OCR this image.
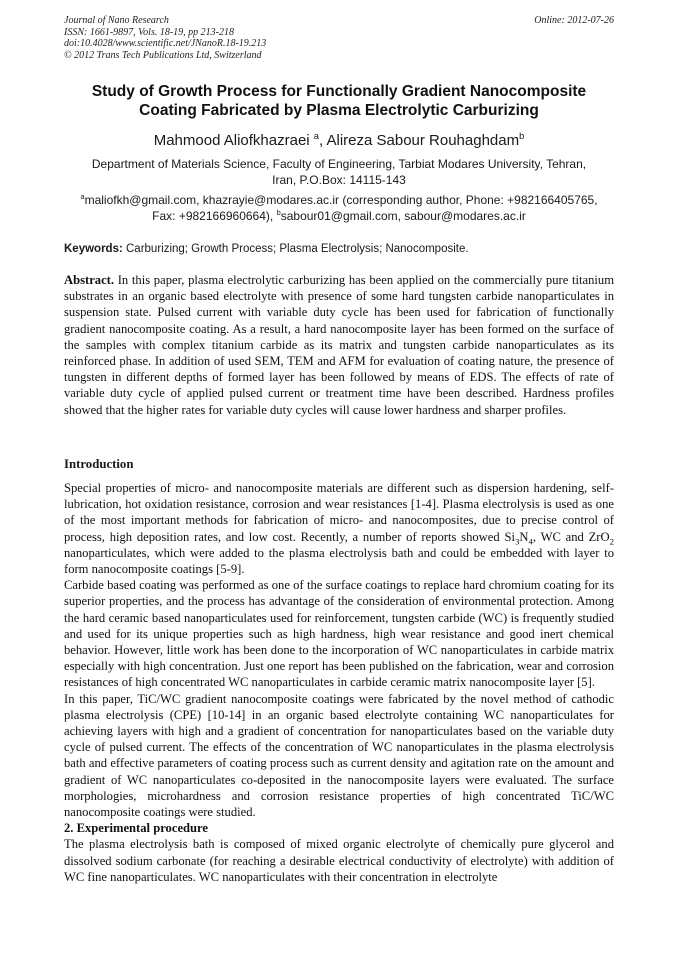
Journal of Nano Research
ISSN: 1661-9897, Vols. 18-19, pp 213-218
doi:10.4028/www.scientific.net/JNanoR.18-19.213
© 2012 Trans Tech Publications Ltd, Switzerland
Online: 2012-07-26
Study of Growth Process for Functionally Gradient Nanocomposite
Coating Fabricated by Plasma Electrolytic Carburizing
Mahmood Aliofkhazraei $^a$, Alireza Sabour Rouhaghdam$^b$
Department of Materials Science, Faculty of Engineering, Tarbiat Modares University, Tehran,
Iran, P.O.Box: 14115-143
$^a$maliofkh@gmail.com, khazrayie@modares.ac.ir (corresponding author, Phone: +982166405765,
Fax: +982166960664), $^b$sabour01@gmail.com, sabour@modares.ac.ir
Keywords: Carburizing; Growth Process; Plasma Electrolysis; Nanocomposite.
Abstract. In this paper, plasma electrolytic carburizing has been applied on the commercially pure titanium substrates in an organic based electrolyte with presence of some hard tungsten carbide nanoparticulates in suspension state. Pulsed current with variable duty cycle has been used for fabrication of functionally gradient nanocomposite coating. As a result, a hard nanocomposite layer has been formed on the surface of the samples with complex titanium carbide as its matrix and tungsten carbide nanoparticulates as its reinforced phase. In addition of used SEM, TEM and AFM for evaluation of coating nature, the presence of tungsten in different depths of formed layer has been followed by means of EDS. The effects of rate of variable duty cycle of applied pulsed current or treatment time have been described. Hardness profiles showed that the higher rates for variable duty cycles will cause lower hardness and sharper profiles.
Introduction

Special properties of micro- and nanocomposite materials are different such as dispersion hardening, self-lubrication, hot oxidation resistance, corrosion and wear resistances [1-4]. Plasma electrolysis is used as one of the most important methods for fabrication of micro- and nanocomposites, due to precise control of process, high deposition rates, and low cost. Recently, a number of reports showed $Si_3N_4$, WC and ZrO$_2$ nanoparticulates, which were added to the plasma electrolysis bath and could be embedded with layer to form nanocomposite coatings [5-9].

Carbide based coating was performed as one of the surface coatings to replace hard chromium coating for its superior properties, and the process has advantage of the consideration of environmental protection. Among the hard ceramic based nanoparticulates used for reinforcement, tungsten carbide (WC) is frequently studied and used for its unique properties such as high hardness, high wear resistance and good inert chemical behavior. However, little work has been done to the incorporation of WC nanoparticulates in carbide matrix especially with high concentration. Just one report has been published on the fabrication, wear and corrosion resistances of high concentrated WC nanoparticulates in carbide ceramic matrix nanocomposite layer [5].

In this paper, TiC/WC gradient nanocomposite coatings were fabricated by the novel method of cathodic plasma electrolysis (CPE) [10-14] in an organic based electrolyte containing WC nanoparticulates for achieving layers with high and a gradient of concentration for nanoparticulates based on the variable duty cycle of pulsed current. The effects of the concentration of WC nanoparticulates in the plasma electrolysis bath and effective parameters of coating process such as current density and agitation rate on the amount and gradient of WC nanoparticulates co-deposited in the nanocomposite layers were evaluated. The surface morphologies, microhardness and corrosion resistance properties of high concentrated TiC/WC nanocomposite coatings were studied.

2. Experimental procedure

The plasma electrolysis bath is composed of mixed organic electrolyte of chemically pure glycerol and dissolved sodium carbonate (for reaching a desirable electrical conductivity of electrolyte) with addition of WC fine nanoparticulates. WC nanoparticulates with their concentration in electrolyte
